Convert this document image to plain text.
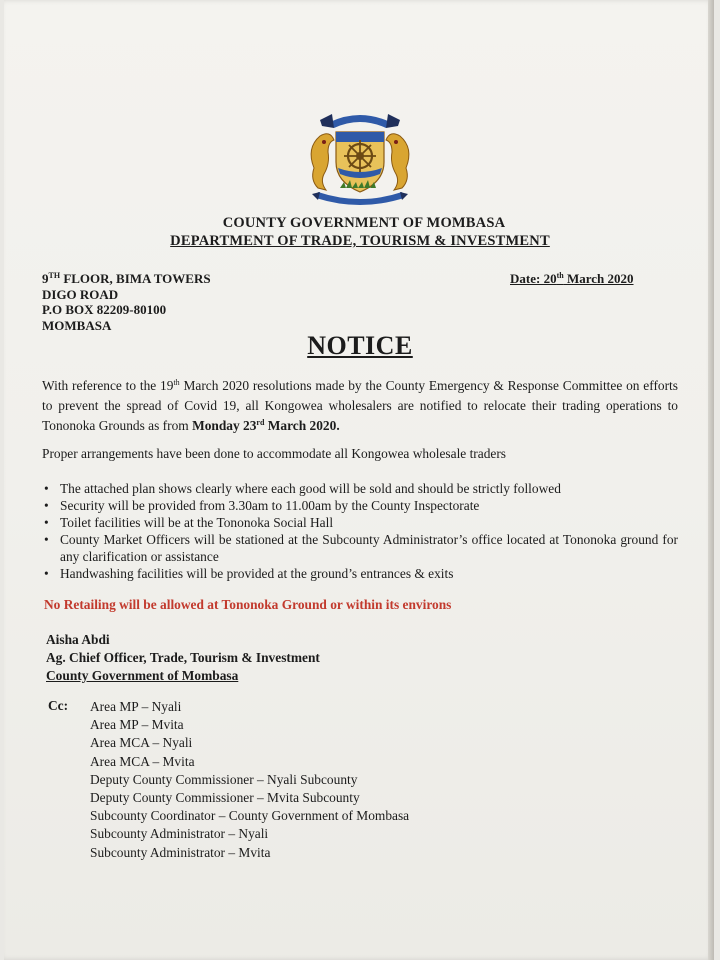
COUNTY GOVERNMENT OF MOMBASA
DEPARTMENT OF TRADE, TOURISM & INVESTMENT
9TH FLOOR, BIMA TOWERS
DIGO ROAD
P.O BOX 82209-80100
MOMBASA
Date: 20th March 2020
NOTICE
With reference to the 19th March 2020 resolutions made by the County Emergency & Response Committee on efforts to prevent the spread of Covid 19, all Kongowea wholesalers are notified to relocate their trading operations to Tononoka Grounds as from Monday 23rd March 2020.
Proper arrangements have been done to accommodate all Kongowea wholesale traders
• The attached plan shows clearly where each good will be sold and should be strictly followed
• Security will be provided from 3.30am to 11.00am by the County Inspectorate
• Toilet facilities will be at the Tononoka Social Hall
• County Market Officers will be stationed at the Subcounty Administrator’s office located at Tononoka ground for any clarification or assistance
• Handwashing facilities will be provided at the ground’s entrances & exits
No Retailing will be allowed at Tononoka Ground or within its environs
Aisha Abdi
Ag. Chief Officer, Trade, Tourism & Investment
County Government of Mombasa
Cc: Area MP – Nyali
Area MP – Mvita
Area MCA – Nyali
Area MCA – Mvita
Deputy County Commissioner – Nyali Subcounty
Deputy County Commissioner – Mvita Subcounty
Subcounty Coordinator – County Government of Mombasa
Subcounty Administrator – Nyali
Subcounty Administrator – Mvita
